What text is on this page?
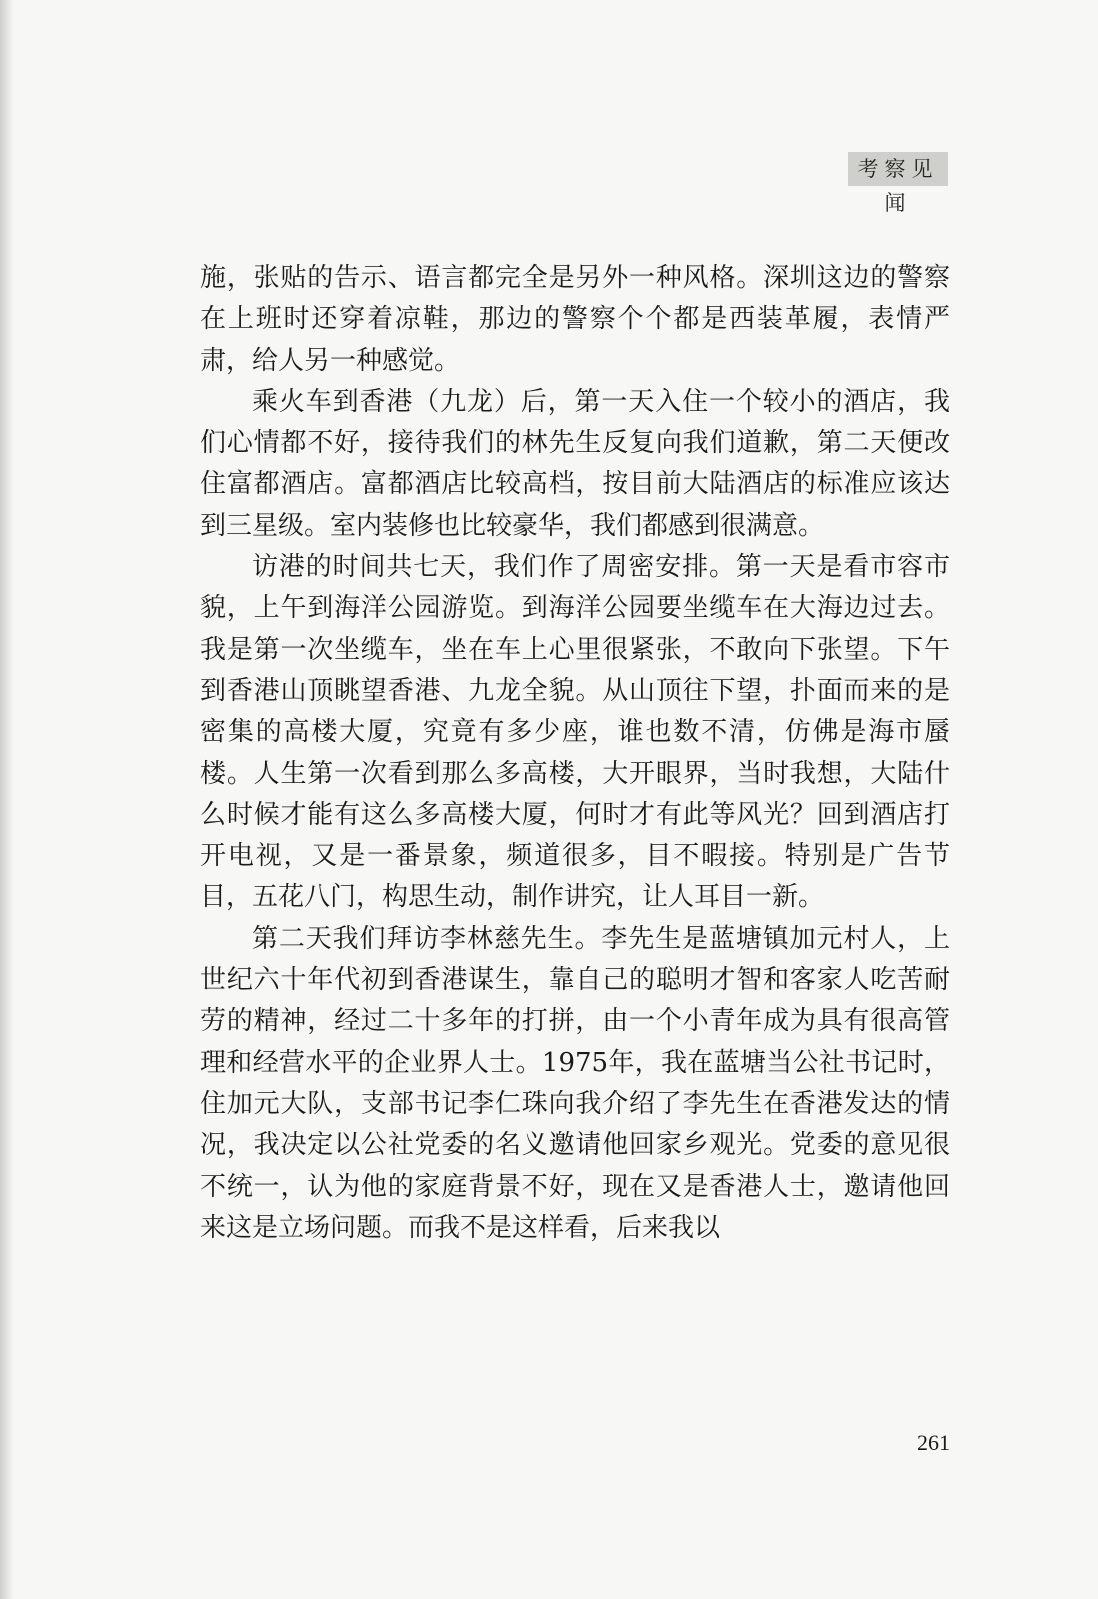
考察见闻

施，张贴的告示、语言都完全是另外一种风格。深圳这边的警察在上班时还穿着凉鞋，那边的警察个个都是西装革履，表情严肃，给人另一种感觉。

乘火车到香港（九龙）后，第一天入住一个较小的酒店，我们心情都不好，接待我们的林先生反复向我们道歉，第二天便改住富都酒店。富都酒店比较高档，按目前大陆酒店的标准应该达到三星级。室内装修也比较豪华，我们都感到很满意。

访港的时间共七天，我们作了周密安排。第一天是看市容市貌，上午到海洋公园游览。到海洋公园要坐缆车在大海边过去。我是第一次坐缆车，坐在车上心里很紧张，不敢向下张望。下午到香港山顶眺望香港、九龙全貌。从山顶往下望，扑面而来的是密集的高楼大厦，究竟有多少座，谁也数不清，仿佛是海市蜃楼。人生第一次看到那么多高楼，大开眼界，当时我想，大陆什么时候才能有这么多高楼大厦，何时才有此等风光？回到酒店打开电视，又是一番景象，频道很多，目不暇接。特别是广告节目，五花八门，构思生动，制作讲究，让人耳目一新。

第二天我们拜访李林慈先生。李先生是蓝塘镇加元村人，上世纪六十年代初到香港谋生，靠自己的聪明才智和客家人吃苦耐劳的精神，经过二十多年的打拼，由一个小青年成为具有很高管理和经营水平的企业界人士。1975年，我在蓝塘当公社书记时，住加元大队，支部书记李仁珠向我介绍了李先生在香港发达的情况，我决定以公社党委的名义邀请他回家乡观光。党委的意见很不统一，认为他的家庭背景不好，现在又是香港人士，邀请他回来这是立场问题。而我不是这样看，后来我以

261
